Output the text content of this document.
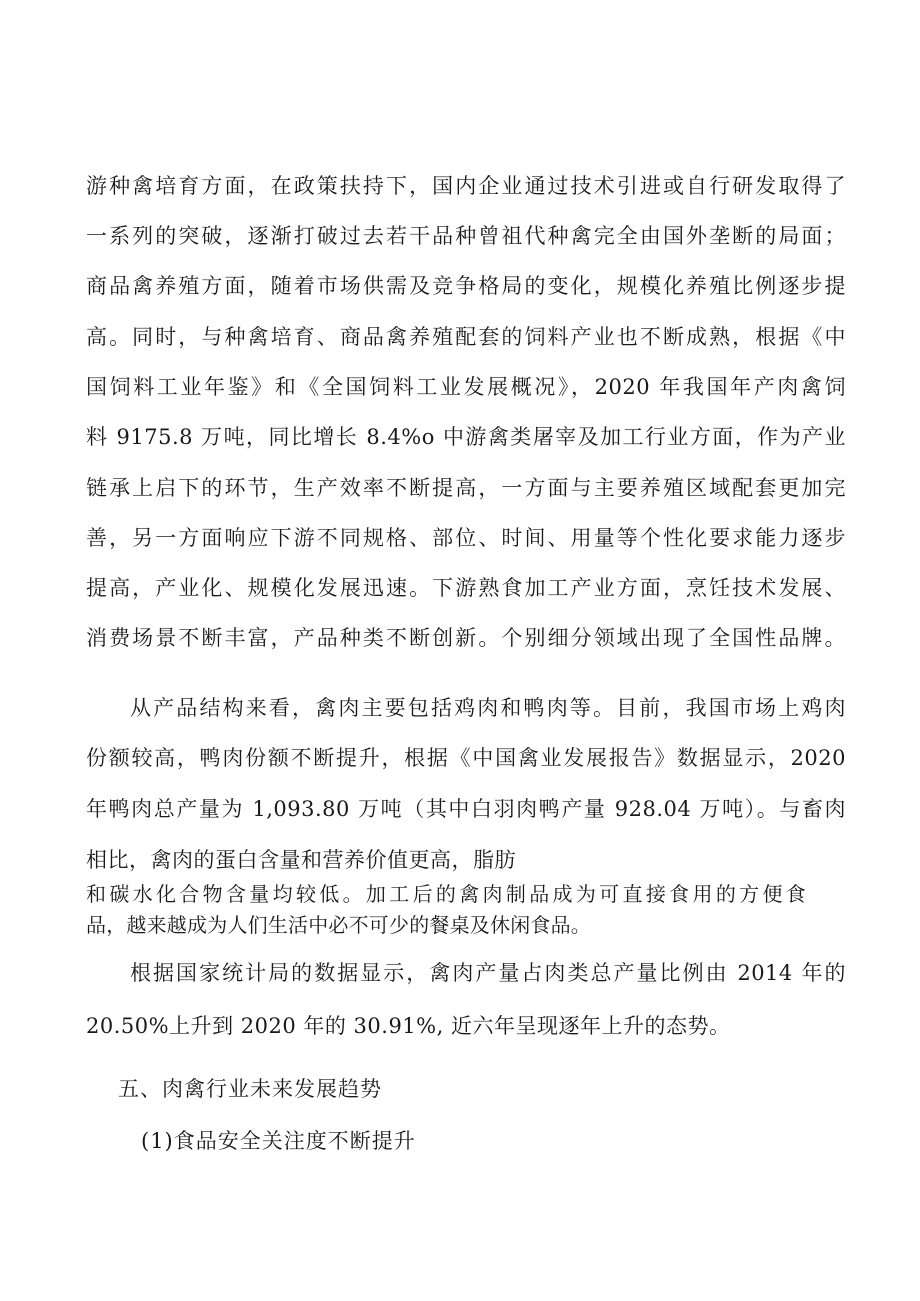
游种禽培育方面，在政策扶持下，国内企业通过技术引进或自行研发取得了
一系列的突破，逐渐打破过去若干品种曾祖代种禽完全由国外垄断的局面；
商品禽养殖方面，随着市场供需及竞争格局的变化，规模化养殖比例逐步提
高。同时，与种禽培育、商品禽养殖配套的饲料产业也不断成熟，根据《中
国饲料工业年鉴》和《全国饲料工业发展概况》，2020 年我国年产肉禽饲
料 9175.8 万吨，同比增长 8.4%o 中游禽类屠宰及加工行业方面，作为产业
链承上启下的环节，生产效率不断提高，一方面与主要养殖区域配套更加完
善，另一方面响应下游不同规格、部位、时间、用量等个性化要求能力逐步
提高，产业化、规模化发展迅速。下游熟食加工产业方面，烹饪技术发展、
消费场景不断丰富，产品种类不断创新。个别细分领域出现了全国性品牌。
从产品结构来看，禽肉主要包括鸡肉和鸭肉等。目前，我国市场上鸡肉
份额较高，鸭肉份额不断提升，根据《中国禽业发展报告》数据显示，2020
年鸭肉总产量为 1,093.80 万吨（其中白羽肉鸭产量 928.04 万吨）。与畜肉
相比，禽肉的蛋白含量和营养价值更高，脂肪
和碳水化合物含量均较低。加工后的禽肉制品成为可直接食用的方便食
品，越来越成为人们生活中必不可少的餐桌及休闲食品。
根据国家统计局的数据显示，禽肉产量占肉类总产量比例由 2014 年的
20.50%上升到 2020 年的 30.91%, 近六年呈现逐年上升的态势。
五、肉禽行业未来发展趋势
(1)食品安全关注度不断提升
